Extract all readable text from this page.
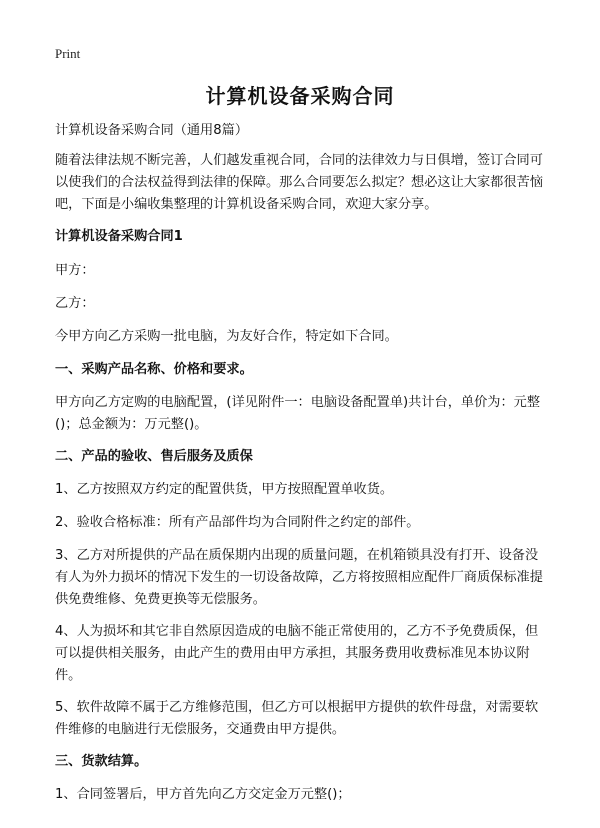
Print
计算机设备采购合同

计算机设备采购合同（通用8篇）

随着法律法规不断完善，人们越发重视合同，合同的法律效力与日俱增，签订合同可以使我们的合法权益得到法律的保障。那么合同要怎么拟定？想必这让大家都很苦恼吧，下面是小编收集整理的计算机设备采购合同，欢迎大家分享。

计算机设备采购合同1

甲方：

乙方：

今甲方向乙方采购一批电脑，为友好合作，特定如下合同。

一、采购产品名称、价格和要求。

甲方向乙方定购的电脑配置，(详见附件一：电脑设备配置单)共计台，单价为：元整()；总金额为：万元整()。

二、产品的验收、售后服务及质保

1、乙方按照双方约定的配置供货，甲方按照配置单收货。

2、验收合格标准：所有产品部件均为合同附件之约定的部件。

3、乙方对所提供的产品在质保期内出现的质量问题，在机箱锁具没有打开、设备没有人为外力损坏的情况下发生的一切设备故障，乙方将按照相应配件厂商质保标准提供免费维修、免费更换等无偿服务。

4、人为损坏和其它非自然原因造成的电脑不能正常使用的，乙方不予免费质保，但可以提供相关服务，由此产生的费用由甲方承担，其服务费用收费标准见本协议附件。

5、软件故障不属于乙方维修范围，但乙方可以根据甲方提供的软件母盘，对需要软件维修的电脑进行无偿服务，交通费由甲方提供。

三、货款结算。

1、合同签署后，甲方首先向乙方交定金万元整()；
